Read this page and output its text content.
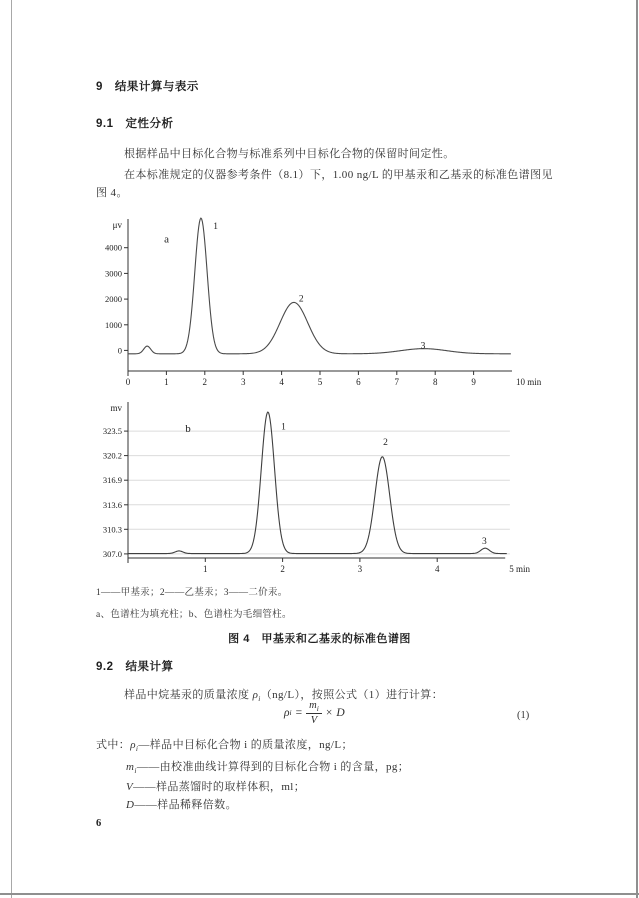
9　结果计算与表示
9.1　定性分析
根据样品中目标化合物与标准系列中目标化合物的保留时间定性。
在本标准规定的仪器参考条件（8.1）下，1.00 ng/L 的甲基汞和乙基汞的标准色谱图见
图 4。
0
1000
2000
3000
4000
μv
0	1	2	3	4	5	6	7	8	9	10 min
a
1
2
3
307.0
310.3
313.6
316.9
320.2
323.5
mv
1	2	3	4	5 min
b	1
2
3
1——甲基汞；2——乙基汞；3——二价汞。
a、色谱柱为填充柱；b、色谱柱为毛细管柱。
图 4　甲基汞和乙基汞的标准色谱图
9.2　结果计算
样品中烷基汞的质量浓度 $\rho_i(ng/L)$，按照公式（1）进行计算：
ρ $i = \frac{m_i}{V} \times D$	(1)
式中：$\rho_i—$样品中目标化合物 i 的质量浓度，ng/L；
$m_i——$由校准曲线计算得到的目标化合物 i 的含量，pg；
V——样品蒸馏时的取样体积，ml；
D——样品稀释倍数。
6
